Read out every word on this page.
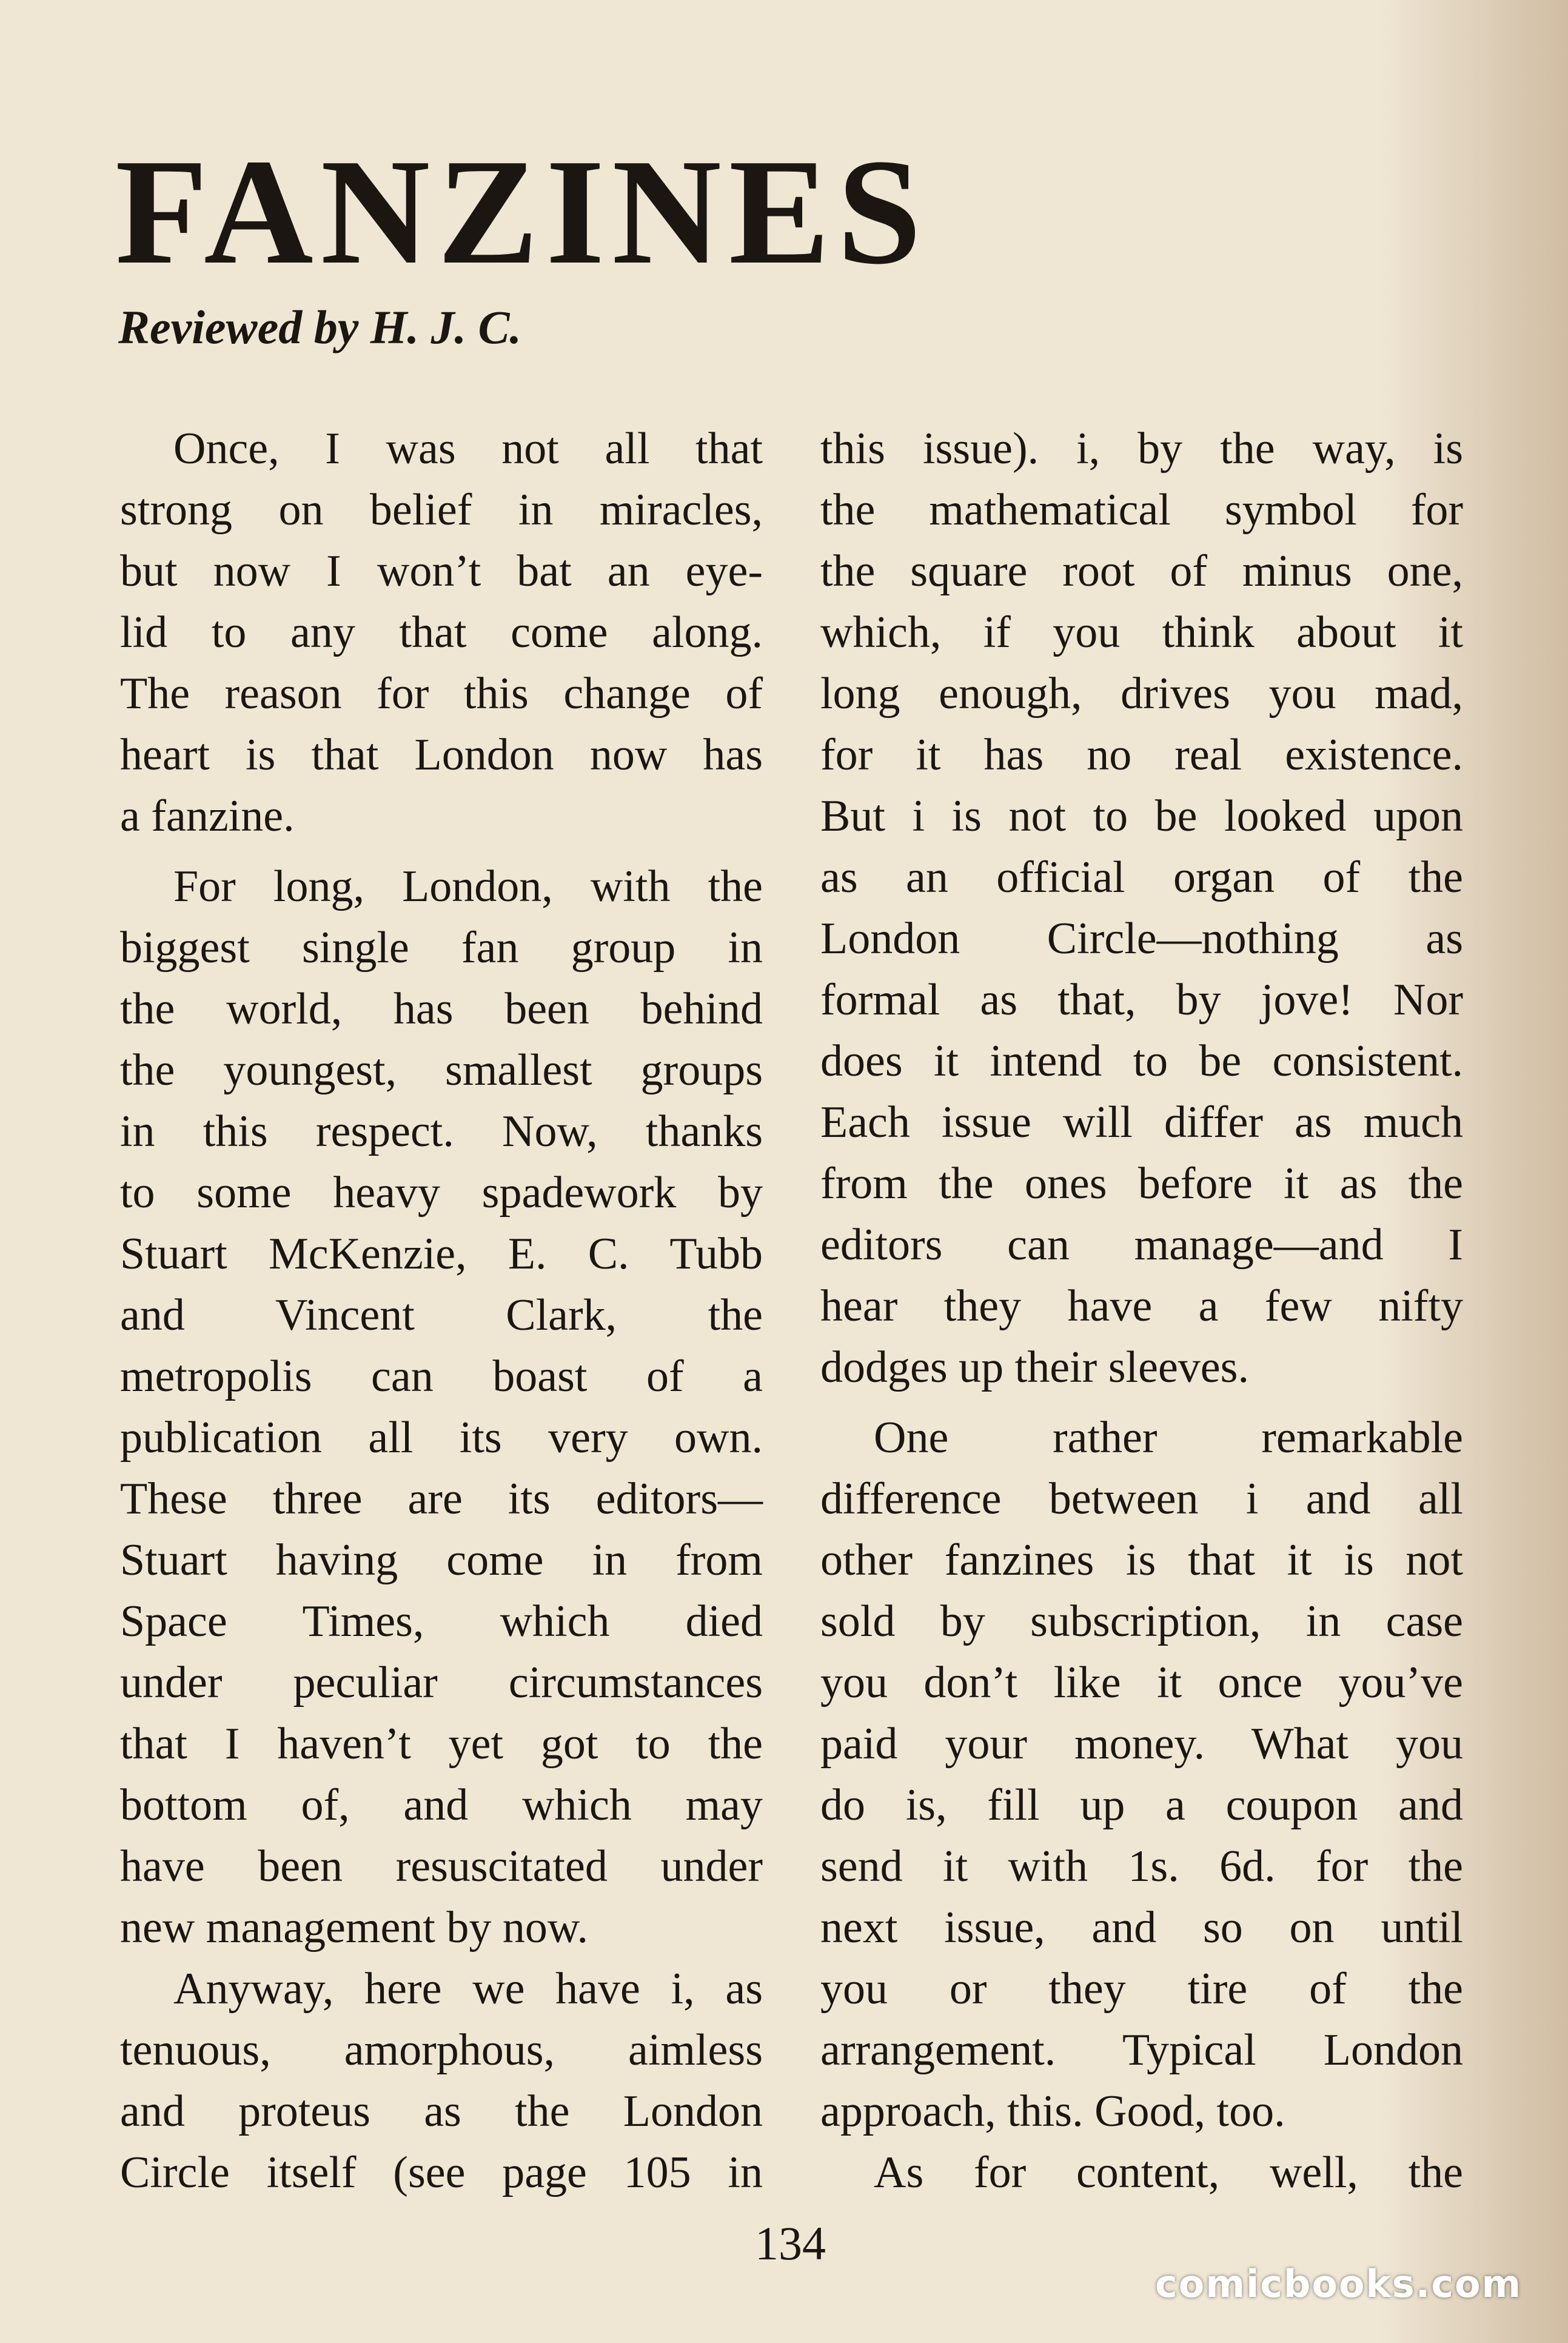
FANZINES

Reviewed by H. J. C.

Once, I was not all that
strong on belief in miracles,
but now I won’t bat an eye-
lid to any that come along.
The reason for this change of
heart is that London now has
a fanzine.
For long, London, with the
biggest single fan group in
the world, has been behind
the youngest, smallest groups
in this respect. Now, thanks
to some heavy spadework by
Stuart McKenzie, E. C. Tubb
and Vincent Clark, the
metropolis can boast of a
publication all its very own.
These three are its editors—
Stuart having come in from
Space Times, which died
under peculiar circumstances
that I haven’t yet got to the
bottom of, and which may
have been resuscitated under
new management by now.
Anyway, here we have i, as
tenuous, amorphous, aimless
and proteus as the London
Circle itself (see page 105 in
this issue). i, by the way, is
the mathematical symbol for
the square root of minus one,
which, if you think about it
long enough, drives you mad,
for it has no real existence.
But i is not to be looked upon
as an official organ of the
London Circle—nothing as
formal as that, by jove! Nor
does it intend to be consistent.
Each issue will differ as much
from the ones before it as the
editors can manage—and I
hear they have a few nifty
dodges up their sleeves.
One rather remarkable
difference between i and all
other fanzines is that it is not
sold by subscription, in case
you don’t like it once you’ve
paid your money. What you
do is, fill up a coupon and
send it with 1s. 6d. for the
next issue, and so on until
you or they tire of the
arrangement. Typical London
approach, this. Good, too.
As for content, well, the

134

comicbooks.com
